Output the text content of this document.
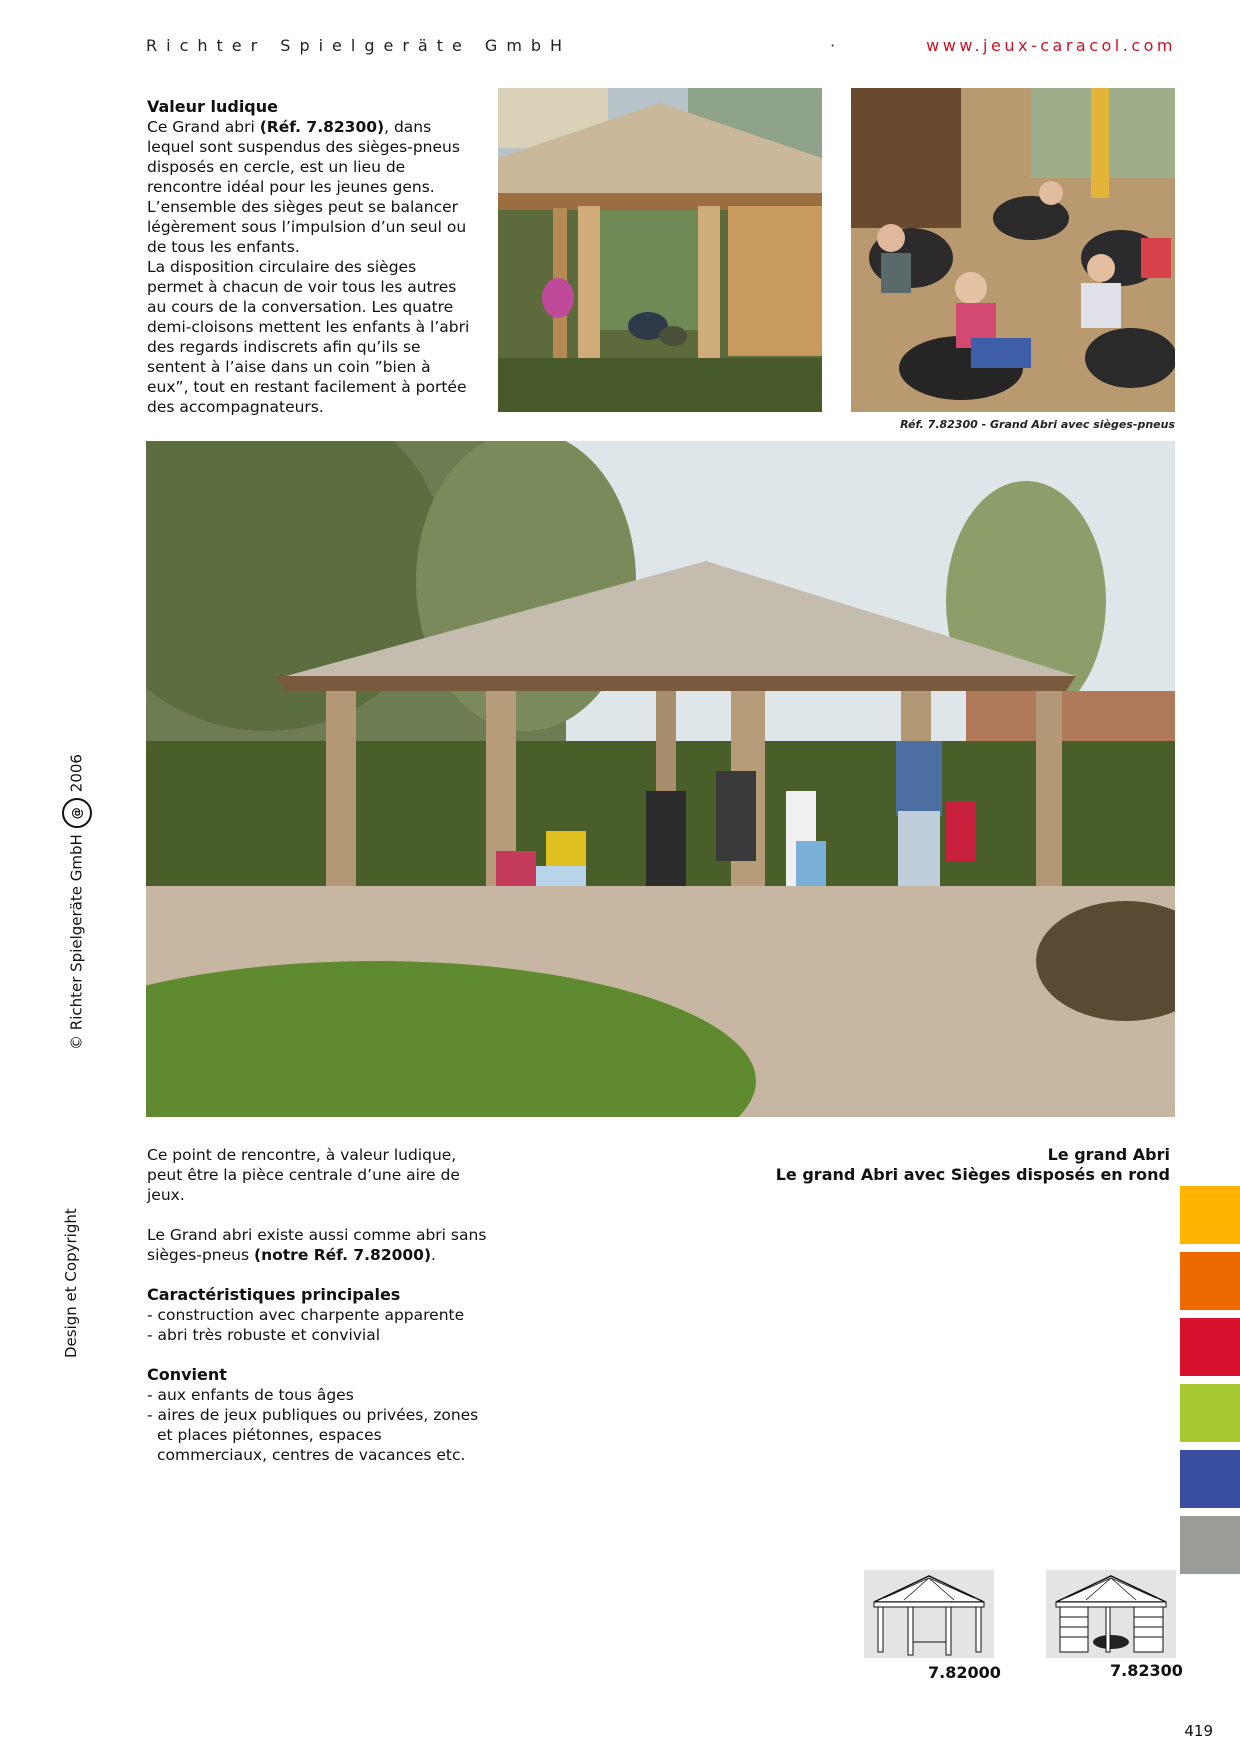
Richter Spielgeräte GmbH	·	www.jeux-caracol.com
Valeur ludique
Ce Grand abri (Réf. 7.82300), dans lequel sont suspendus des sièges-pneus disposés en cercle, est un lieu de rencontre idéal pour les jeunes gens. L’ensemble des sièges peut se balancer légèrement sous l’impulsion d’un seul ou de tous les enfants.
La disposition circulaire des sièges permet à chacun de voir tous les autres au cours de la conversation. Les quatre demi-cloisons mettent les enfants à l’abri des regards indiscrets afin qu’ils se sentent à l’aise dans un coin ”bien à eux”, tout en restant facilement à portée des accompagnateurs.
Réf. 7.82300 - Grand Abri avec sièges-pneus

Ce point de rencontre, à valeur ludique, peut être la pièce centrale d’une aire de jeux.

Le Grand abri existe aussi comme abri sans sièges-pneus (notre Réf. 7.82000).

Caractéristiques principales
- construction avec charpente apparente
- abri très robuste et convivial
Convient
- aux enfants de tous âges
- aires de jeux publiques ou privées, zones et places piétonnes, espaces commerciaux, centres de vacances etc.
Le grand Abri
Le grand Abri avec Sièges disposés en rond
© Richter Spielgeräte GmbH@2006
Design et Copyright
7.82000	7.82300
419
